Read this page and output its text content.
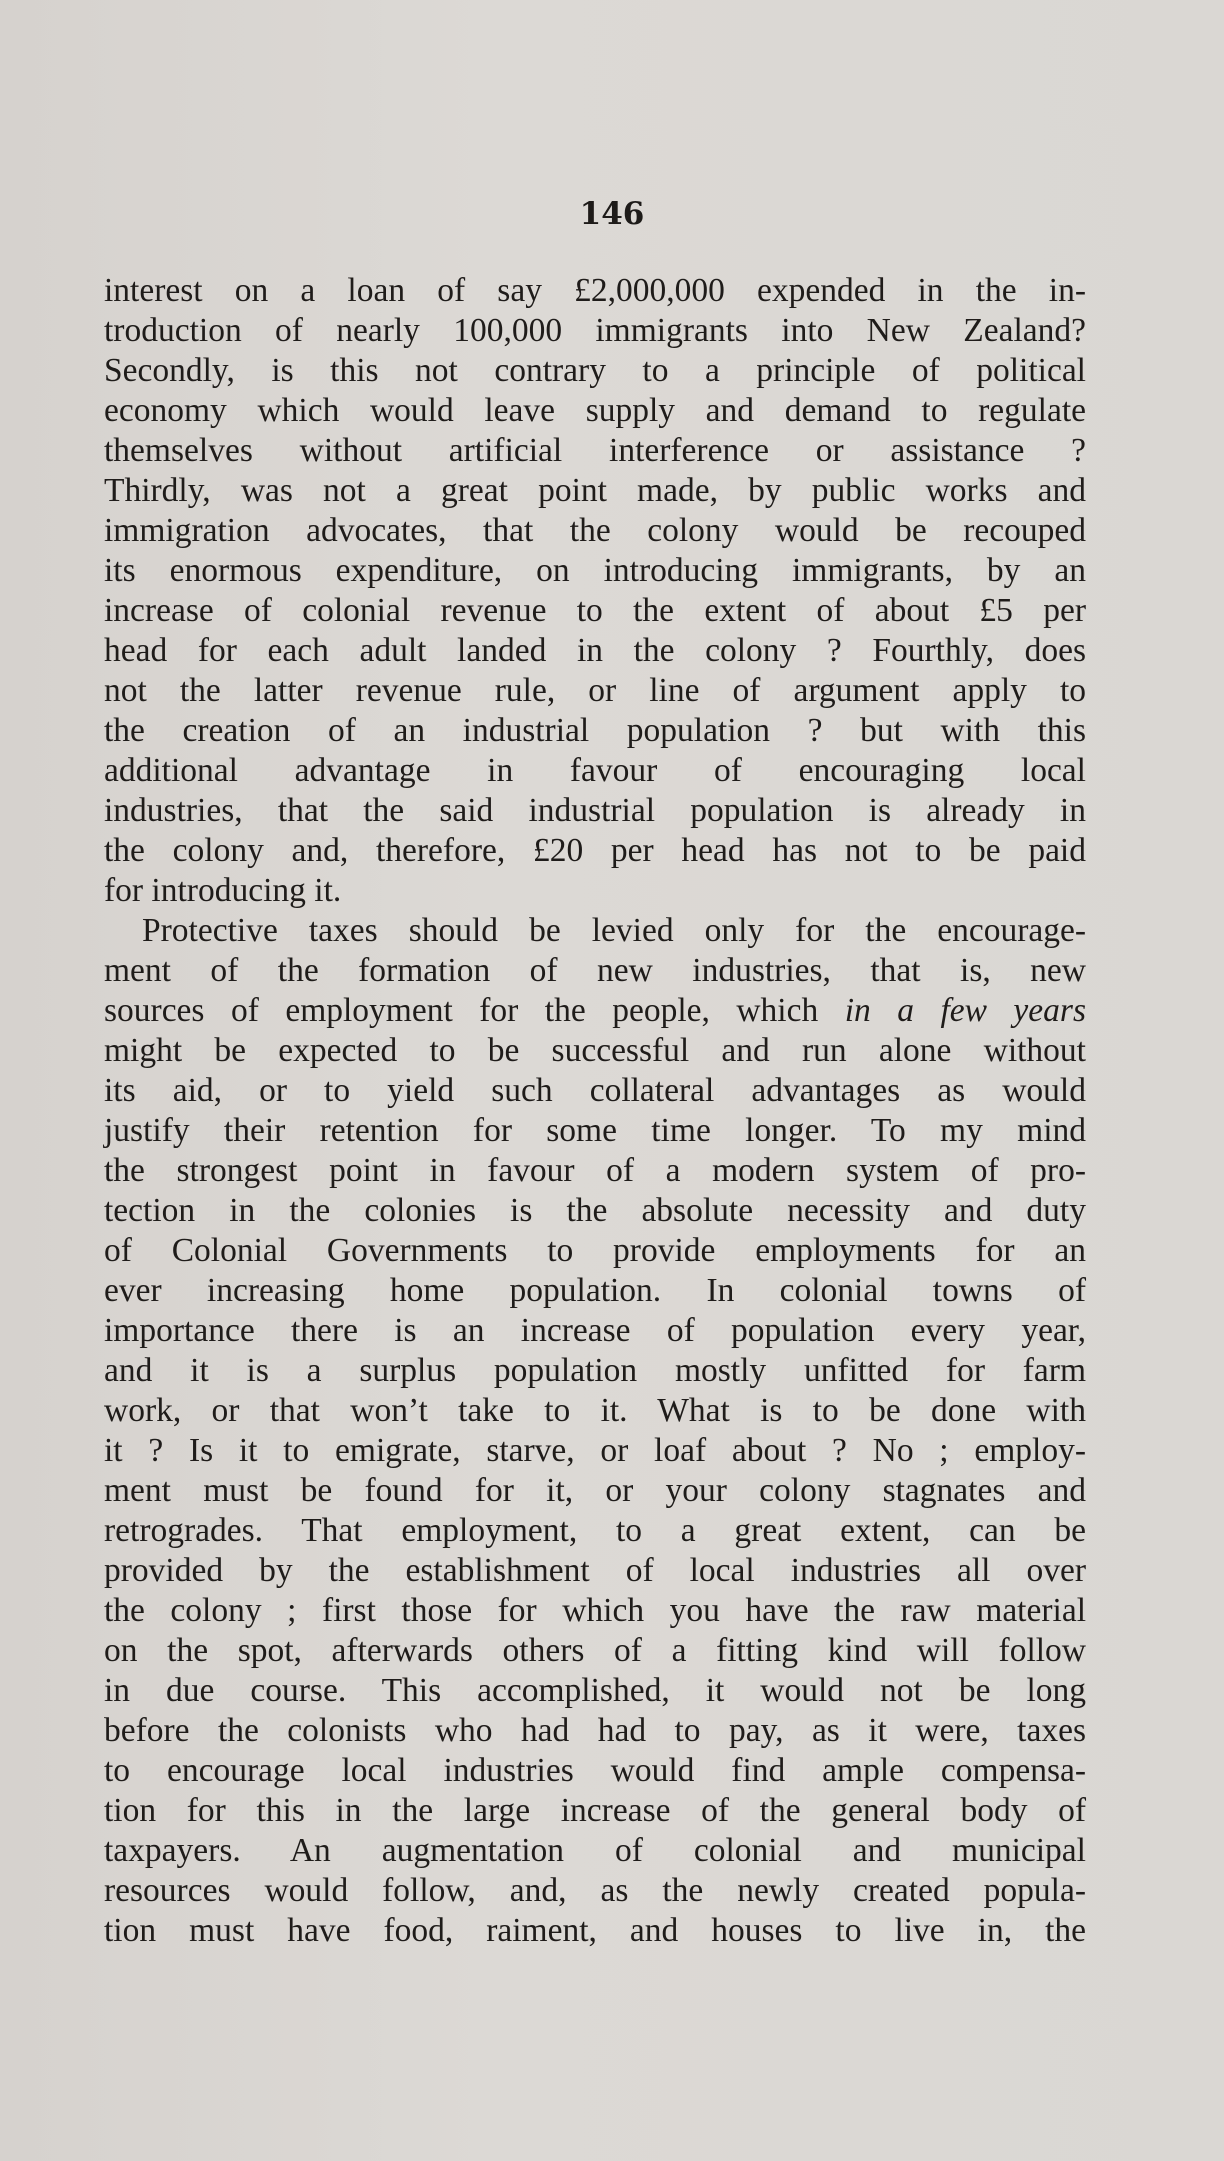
146

interest on a loan of say £2,000,000 expended in the in-
troduction of nearly 100,000 immigrants into New Zealand?
Secondly, is this not contrary to a principle of political
economy which would leave supply and demand to regulate
themselves without artificial interference or assistance ?
Thirdly, was not a great point made, by public works and
immigration advocates, that the colony would be recouped
its enormous expenditure, on introducing immigrants, by an
increase of colonial revenue to the extent of about £5 per
head for each adult landed in the colony ? Fourthly, does
not the latter revenue rule, or line of argument apply to
the creation of an industrial population ? but with this
additional advantage in favour of encouraging local
industries, that the said industrial population is already in
the colony and, therefore, £20 per head has not to be paid
for introducing it.
Protective taxes should be levied only for the encourage-
ment of the formation of new industries, that is, new
sources of employment for the people, which in a few years
might be expected to be successful and run alone without
its aid, or to yield such collateral advantages as would
justify their retention for some time longer. To my mind
the strongest point in favour of a modern system of pro-
tection in the colonies is the absolute necessity and duty
of Colonial Governments to provide employments for an
ever increasing home population. In colonial towns of
importance there is an increase of population every year,
and it is a surplus population mostly unfitted for farm
work, or that won’t take to it. What is to be done with
it ? Is it to emigrate, starve, or loaf about ? No ; employ-
ment must be found for it, or your colony stagnates and
retrogrades. That employment, to a great extent, can be
provided by the establishment of local industries all over
the colony ; first those for which you have the raw material
on the spot, afterwards others of a fitting kind will follow
in due course. This accomplished, it would not be long
before the colonists who had had to pay, as it were, taxes
to encourage local industries would find ample compensa-
tion for this in the large increase of the general body of
taxpayers. An augmentation of colonial and municipal
resources would follow, and, as the newly created popula-
tion must have food, raiment, and houses to live in, the
